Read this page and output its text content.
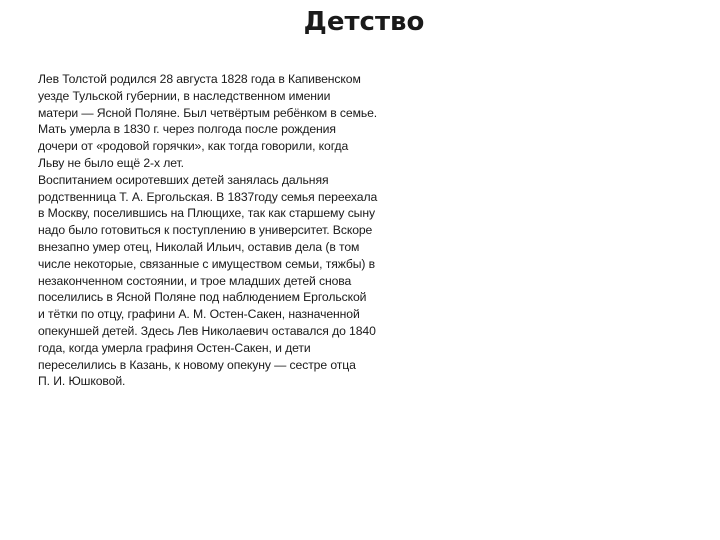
Детство
Лев Толстой родился 28 августа 1828 года в Капивенском
уезде Тульской губернии, в наследственном имении
матери — Ясной Поляне. Был четвёртым ребёнком в семье.
Мать умерла в 1830 г. через полгода после рождения
дочери от «родовой горячки», как тогда говорили, когда
Льву не было ещё 2-х лет.
Воспитанием осиротевших детей занялась дальняя
родственница Т. А. Ергольская. В 1837году семья переехала
в Москву, поселившись на Плющихе, так как старшему сыну
надо было готовиться к поступлению в университет. Вскоре
внезапно умер отец, Николай Ильич, оставив дела (в том
числе некоторые, связанные с имуществом семьи, тяжбы) в
незаконченном состоянии, и трое младших детей снова
поселились в Ясной Поляне под наблюдением Ергольской
и тётки по отцу, графини А. М. Остен-Сакен, назначенной
опекуншей детей. Здесь Лев Николаевич оставался до 1840
года, когда умерла графиня Остен-Сакен, и дети
переселились в Казань, к новому опекуну — сестре отца
П. И. Юшковой.
